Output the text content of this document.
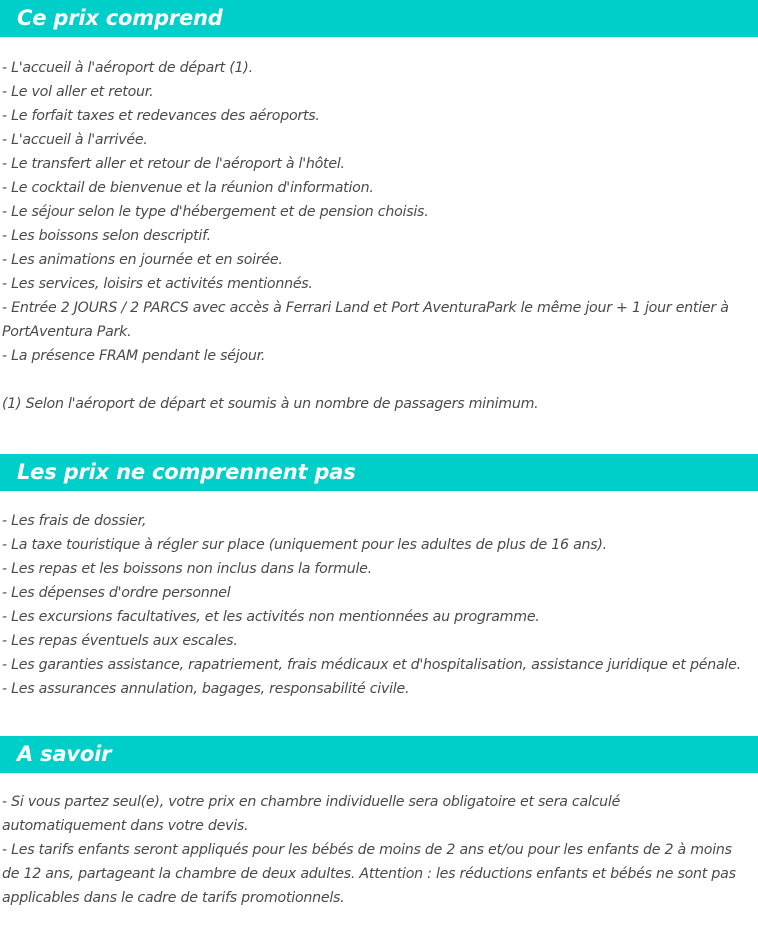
Ce prix comprend
- L'accueil à l'aéroport de départ (1).
- Le vol aller et retour.
- Le forfait taxes et redevances des aéroports.
- L'accueil à l'arrivée.
- Le transfert aller et retour de l'aéroport à l'hôtel.
- Le cocktail de bienvenue et la réunion d'information.
- Le séjour selon le type d'hébergement et de pension choisis.
- Les boissons selon descriptif.
- Les animations en journée et en soirée.
- Les services, loisirs et activités mentionnés.
- Entrée 2 JOURS / 2 PARCS avec accès à Ferrari Land et Port AventuraPark le même jour + 1 jour entier à PortAventura Park.
- La présence FRAM pendant le séjour.
(1) Selon l'aéroport de départ et soumis à un nombre de passagers minimum.
Les prix ne comprennent pas
- Les frais de dossier,
- La taxe touristique à régler sur place (uniquement pour les adultes de plus de 16 ans).
- Les repas et les boissons non inclus dans la formule.
- Les dépenses d'ordre personnel
- Les excursions facultatives, et les activités non mentionnées au programme.
- Les repas éventuels aux escales.
- Les garanties assistance, rapatriement, frais médicaux et d'hospitalisation, assistance juridique et pénale.
- Les assurances annulation, bagages, responsabilité civile.
A savoir
- Si vous partez seul(e), votre prix en chambre individuelle sera obligatoire et sera calculé automatiquement dans votre devis.
- Les tarifs enfants seront appliqués pour les bébés de moins de 2 ans et/ou pour les enfants de 2 à moins de 12 ans, partageant la chambre de deux adultes. Attention : les réductions enfants et bébés ne sont pas applicables dans le cadre de tarifs promotionnels.
